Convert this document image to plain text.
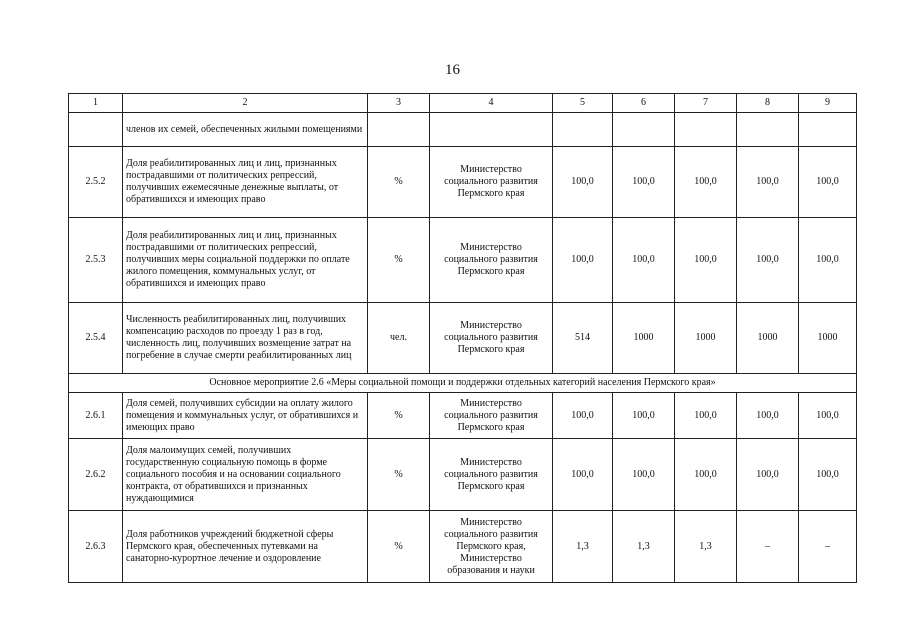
16
1	2	3	4	5	6	7	8	9
	членов их семей, обеспеченных жилыми помещениями							
2.5.2	Доля реабилитированных лиц и лиц, признанных пострадавшими от политических репрессий, получивших ежемесячные денежные выплаты, от обратившихся и имеющих право	%	Министерство социального развития Пермского края	100,0	100,0	100,0	100,0	100,0
2.5.3	Доля реабилитированных лиц и лиц, признанных пострадавшими от политических репрессий, получивших меры социальной поддержки по оплате жилого помещения, коммунальных услуг, от обратившихся и имеющих право	%	Министерство социального развития Пермского края	100,0	100,0	100,0	100,0	100,0
2.5.4	Численность реабилитированных лиц, получивших компенсацию расходов по проезду 1 раз в год, численность лиц, получивших возмещение затрат на погребение в случае смерти реабилитированных лиц	чел.	Министерство социального развития Пермского края	514	1000	1000	1000	1000
Основное мероприятие 2.6 «Меры социальной помощи и поддержки отдельных категорий населения Пермского края»								
2.6.1	Доля семей, получивших субсидии на оплату жилого помещения и коммунальных услуг, от обратившихся и имеющих право	%	Министерство социального развития Пермского края	100,0	100,0	100,0	100,0	100,0
2.6.2	Доля малоимущих семей, получивших государственную социальную помощь в форме социального пособия и на основании социального контракта, от обратившихся и признанных нуждающимися	%	Министерство социального развития Пермского края	100,0	100,0	100,0	100,0	100,0
2.6.3	Доля работников учреждений бюджетной сферы Пермского края, обеспеченных путевками на санаторно-курортное лечение и оздоровление	%	Министерство социального развития Пермского края, Министерство образования и науки	1,3	1,3	1,3	–	–
